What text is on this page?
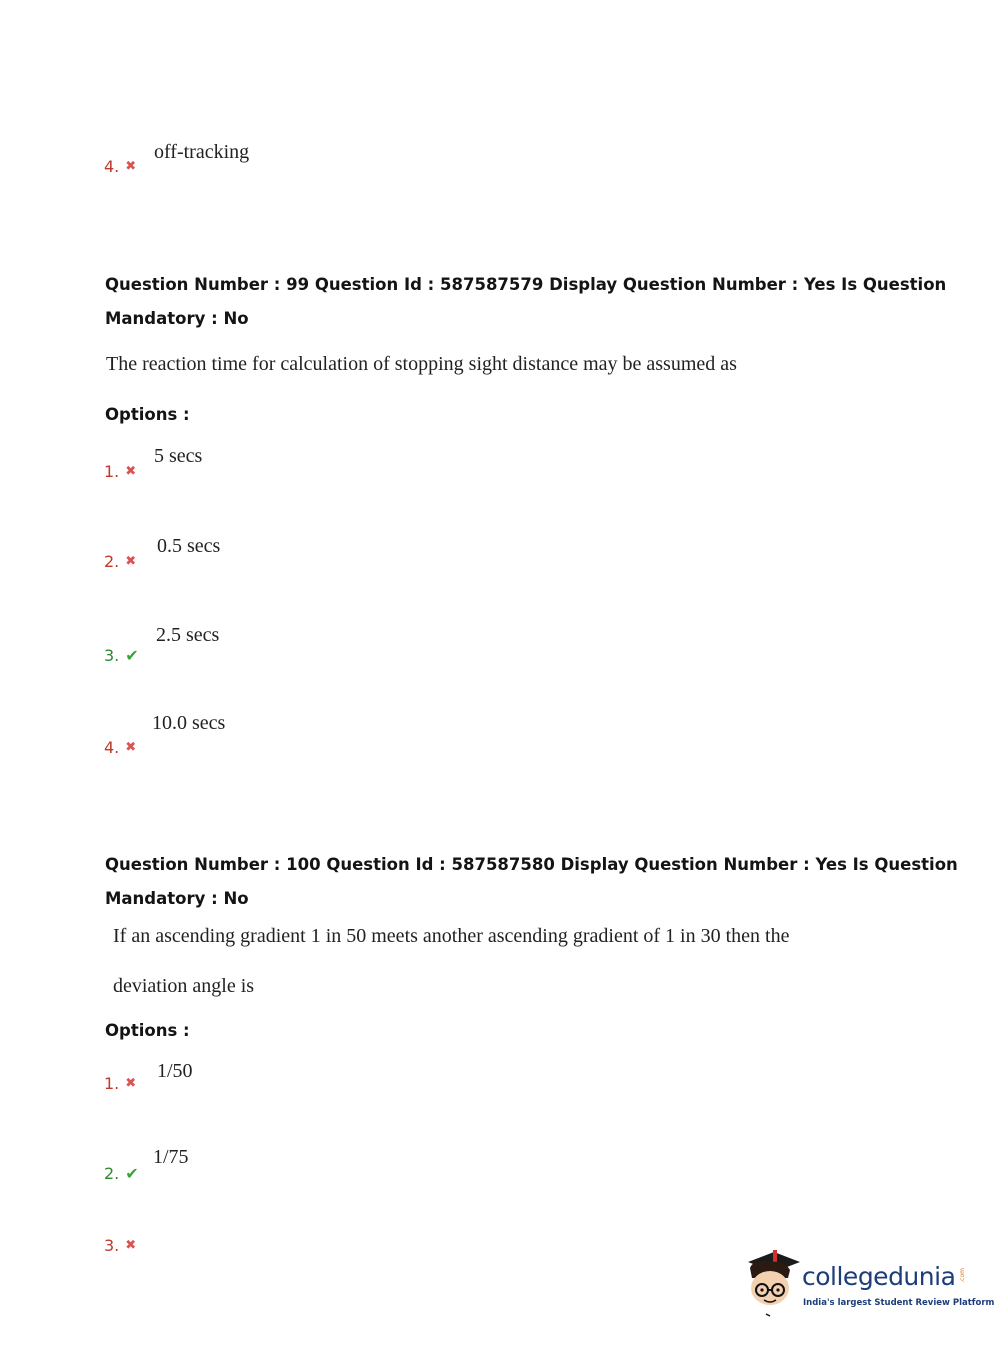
4. ✖
off-tracking
Question Number : 99 Question Id : 587587579 Display Question Number : Yes Is Question
Mandatory : No
The reaction time for calculation of stopping sight distance may be assumed as
Options :
1. ✖
5 secs
2. ✖
0.5 secs
3. ✔
2.5 secs
4. ✖
10.0 secs
Question Number : 100 Question Id : 587587580 Display Question Number : Yes Is Question
Mandatory : No
If an ascending gradient 1 in 50 meets another ascending gradient of 1 in 30 then the
deviation angle is
Options :
1. ✖
1/50
2. ✔
1/75
3. ✖
collegedunia .com
India's largest Student Review Platform
